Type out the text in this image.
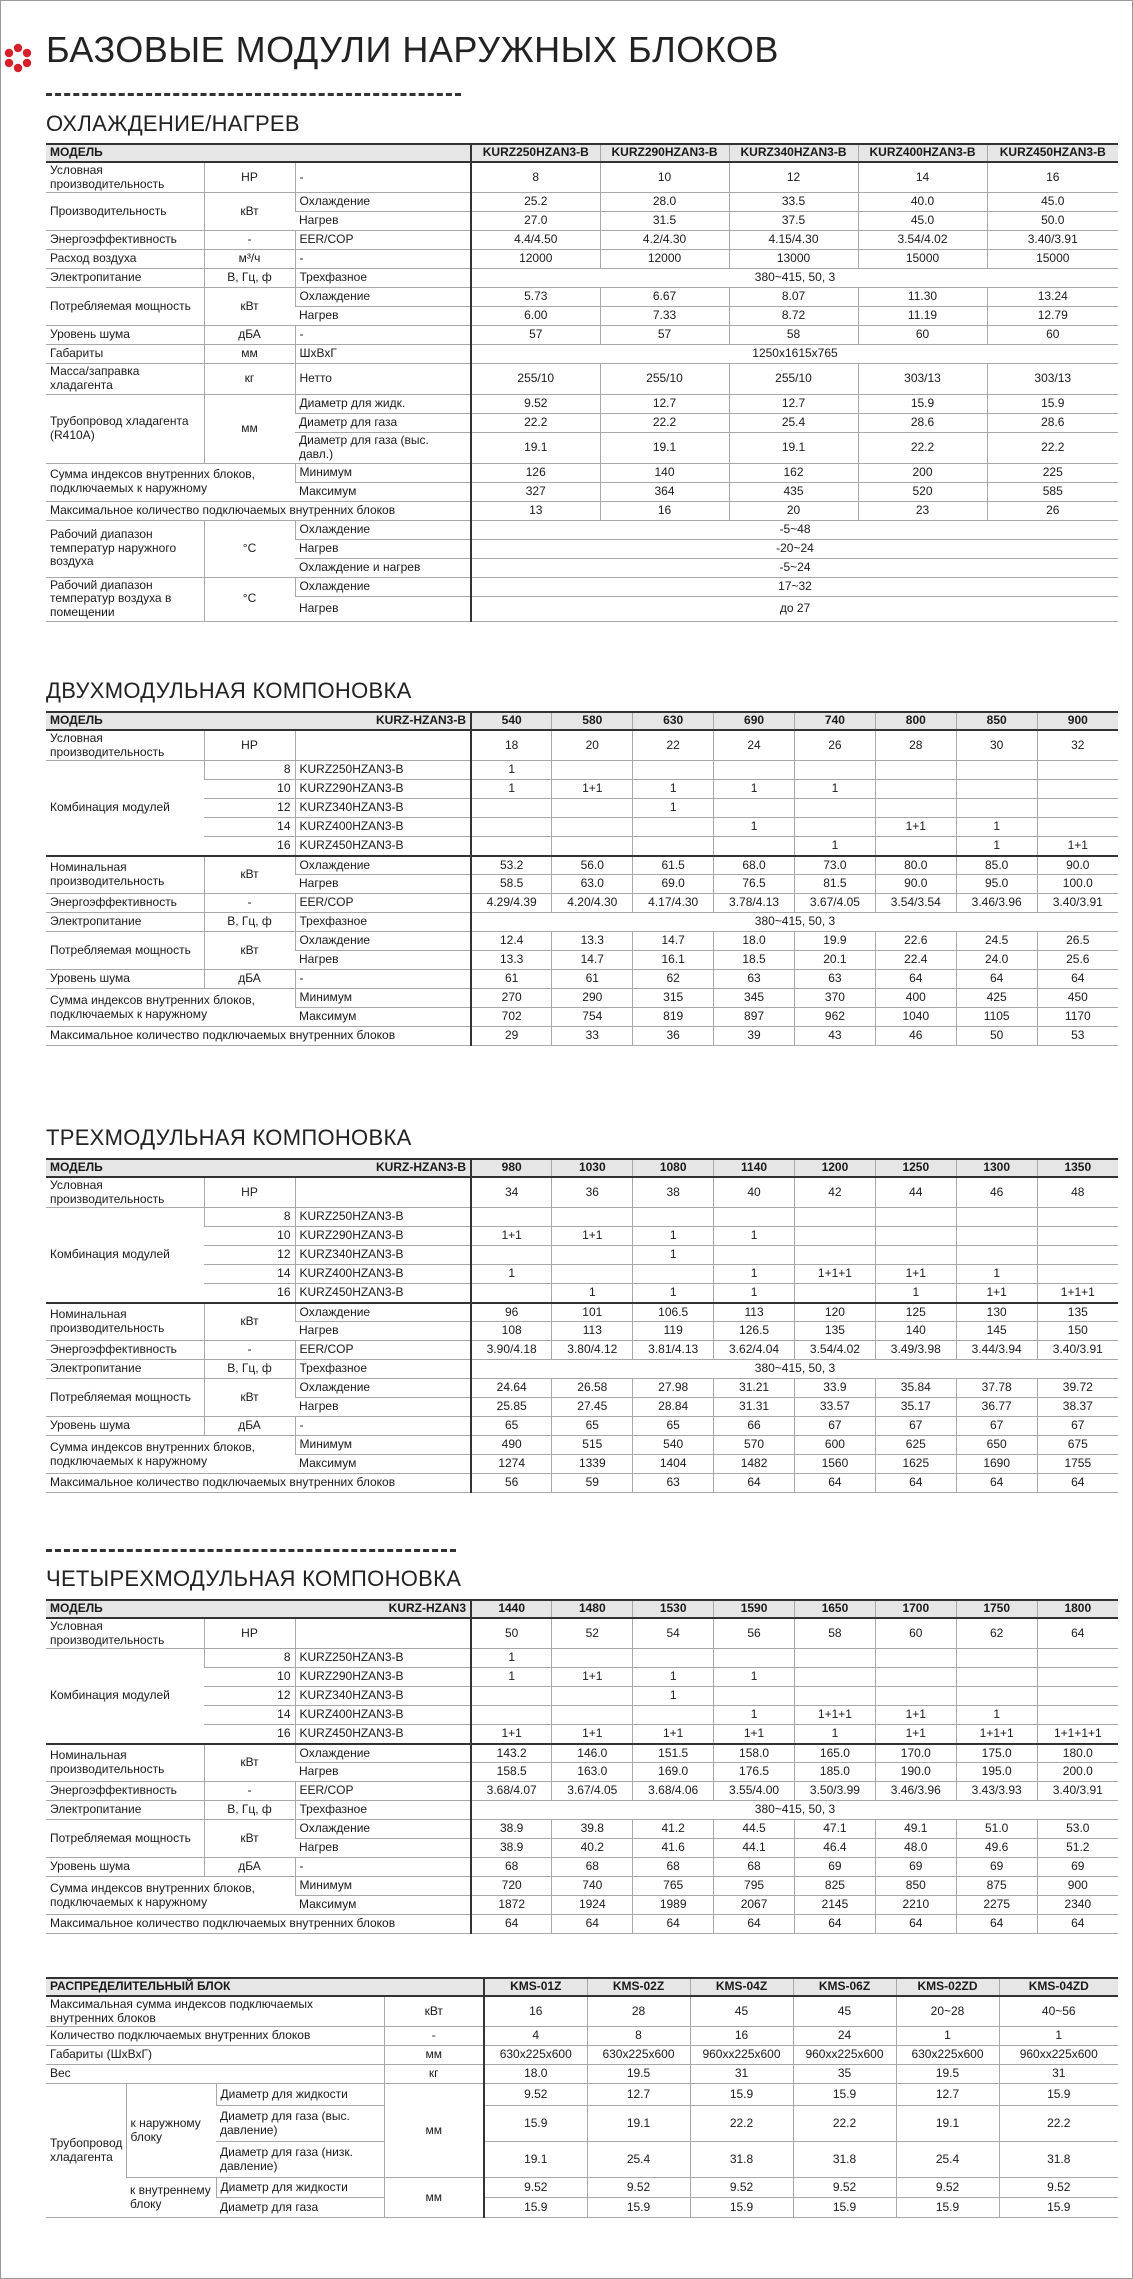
БАЗОВЫЕ МОДУЛИ НАРУЖНЫХ БЛОКОВ
ОХЛАЖДЕНИЕ/НАГРЕВ
МОДЕЛЬ			KURZ250HZAN3-B	KURZ290HZAN3-B	KURZ340HZAN3-B	KURZ400HZAN3-B	KURZ450HZAN3-B
Условная производительность	HP	-	8	10	12	14	16
Производительность	кВт	Охлаждение	25.2	28.0	33.5	40.0	45.0
		Нагрев	27.0	31.5	37.5	45.0	50.0
Энергоэффективность	-	EER/COP	4.4/4.50	4.2/4.30	4.15/4.30	3.54/4.02	3.40/3.91
Расход воздуха	м³/ч	-	12000	12000	13000	15000	15000
Электропитание	В, Гц, ф	Трехфазное	380~415, 50, 3				
Потребляемая мощность	кВт	Охлаждение	5.73	6.67	8.07	11.30	13.24
		Нагрев	6.00	7.33	8.72	11.19	12.79
Уровень шума	дБА	-	57	57	58	60	60
Габариты	мм	ШхВхГ	1250x1615x765				
Масса/заправка хладагента	кг	Нетто	255/10	255/10	255/10	303/13	303/13
Трубопровод хладагента (R410A)	мм	Диаметр для жидк.	9.52	12.7	12.7	15.9	15.9
		Диаметр для газа	22.2	22.2	25.4	28.6	28.6
		Диаметр для газа (выс. давл.)	19.1	19.1	19.1	22.2	22.2
Сумма индексов внутренних блоков, подключаемых к наружному		Минимум	126	140	162	200	225
		Максимум	327	364	435	520	585
Максимальное количество подключаемых внутренних блоков			13	16	20	23	26
Рабочий диапазон температур наружного воздуха	°C	Охлаждение	-5~48				
		Нагрев	-20~24				
		Охлаждение и нагрев	-5~24				
Рабочий диапазон температур воздуха в помещении	°C	Охлаждение	17~32				
		Нагрев	до 27				
ДВУХМОДУЛЬНАЯ КОМПОНОВКА
МОДЕЛЬ		KURZ-HZAN3-B	540	580	630	690	740	800	850	900
Условная производительность	HP		18	20	22	24	26	28	30	32
Комбинация модулей	8	KURZ250HZAN3-B	1							
	10	KURZ290HZAN3-B	1	1+1	1	1	1			
	12	KURZ340HZAN3-B			1					
	14	KURZ400HZAN3-B				1		1+1	1	
	16	KURZ450HZAN3-B					1		1	1+1
Номинальная производительность	кВт	Охлаждение	53.2	56.0	61.5	68.0	73.0	80.0	85.0	90.0
		Нагрев	58.5	63.0	69.0	76.5	81.5	90.0	95.0	100.0
Энергоэффективность	-	EER/COP	4.29/4.39	4.20/4.30	4.17/4.30	3.78/4.13	3.67/4.05	3.54/3.54	3.46/3.96	3.40/3.91
Электропитание	В, Гц, ф	Трехфазное	380~415, 50, 3							
Потребляемая мощность	кВт	Охлаждение	12.4	13.3	14.7	18.0	19.9	22.6	24.5	26.5
		Нагрев	13.3	14.7	16.1	18.5	20.1	22.4	24.0	25.6
Уровень шума	дБА	-	61	61	62	63	63	64	64	64
Сумма индексов внутренних блоков, подключаемых к наружному		Минимум	270	290	315	345	370	400	425	450
		Максимум	702	754	819	897	962	1040	1105	1170
Максимальное количество подключаемых внутренних блоков			29	33	36	39	43	46	50	53
ТРЕХМОДУЛЬНАЯ КОМПОНОВКА
МОДЕЛЬ		KURZ-HZAN3-B	980	1030	1080	1140	1200	1250	1300	1350
Условная производительность	HP		34	36	38	40	42	44	46	48
Комбинация модулей	8	KURZ250HZAN3-B								
	10	KURZ290HZAN3-B	1+1	1+1	1	1				
	12	KURZ340HZAN3-B			1					
	14	KURZ400HZAN3-B	1			1	1+1+1	1+1	1	
	16	KURZ450HZAN3-B		1	1	1		1	1+1	1+1+1
Номинальная производительность	кВт	Охлаждение	96	101	106.5	113	120	125	130	135
		Нагрев	108	113	119	126.5	135	140	145	150
Энергоэффективность	-	EER/COP	3.90/4.18	3.80/4.12	3.81/4.13	3.62/4.04	3.54/4.02	3.49/3.98	3.44/3.94	3.40/3.91
Электропитание	В, Гц, ф	Трехфазное	380~415, 50, 3							
Потребляемая мощность	кВт	Охлаждение	24.64	26.58	27.98	31.21	33.9	35.84	37.78	39.72
		Нагрев	25.85	27.45	28.84	31.31	33.57	35.17	36.77	38.37
Уровень шума	дБА	-	65	65	65	66	67	67	67	67
Сумма индексов внутренних блоков, подключаемых к наружному		Минимум	490	515	540	570	600	625	650	675
		Максимум	1274	1339	1404	1482	1560	1625	1690	1755
Максимальное количество подключаемых внутренних блоков			56	59	63	64	64	64	64	64
ЧЕТЫРЕХМОДУЛЬНАЯ КОМПОНОВКА
МОДЕЛЬ		KURZ-HZAN3	1440	1480	1530	1590	1650	1700	1750	1800
Условная производительность	HP		50	52	54	56	58	60	62	64
Комбинация модулей	8	KURZ250HZAN3-B	1							
	10	KURZ290HZAN3-B	1	1+1	1	1				
	12	KURZ340HZAN3-B			1					
	14	KURZ400HZAN3-B				1	1+1+1	1+1	1	
	16	KURZ450HZAN3-B	1+1	1+1	1+1	1+1	1	1+1	1+1+1	1+1+1+1
Номинальная производительность	кВт	Охлаждение	143.2	146.0	151.5	158.0	165.0	170.0	175.0	180.0
		Нагрев	158.5	163.0	169.0	176.5	185.0	190.0	195.0	200.0
Энергоэффективность	-	EER/COP	3.68/4.07	3.67/4.05	3.68/4.06	3.55/4.00	3.50/3.99	3.46/3.96	3.43/3.93	3.40/3.91
Электропитание	В, Гц, ф	Трехфазное	380~415, 50, 3							
Потребляемая мощность	кВт	Охлаждение	38.9	39.8	41.2	44.5	47.1	49.1	51.0	53.0
		Нагрев	38.9	40.2	41.6	44.1	46.4	48.0	49.6	51.2
Уровень шума	дБА	-	68	68	68	68	69	69	69	69
Сумма индексов внутренних блоков, подключаемых к наружному		Минимум	720	740	765	795	825	850	875	900
		Максимум	1872	1924	1989	2067	2145	2210	2275	2340
Максимальное количество подключаемых внутренних блоков			64	64	64	64	64	64	64	64
РАСПРЕДЕЛИТЕЛЬНЫЙ БЛОК				KMS-01Z	KMS-02Z	KMS-04Z	KMS-06Z	KMS-02ZD	KMS-04ZD
Максимальная сумма индексов подключаемых внутренних блоков			кВт	16	28	45	45	20~28	40~56
Количество подключаемых внутренних блоков			-	4	8	16	24	1	1
Габариты (ШхВхГ)			мм	630x225x600	630x225x600	960xx225x600	960xx225x600	630x225x600	960xx225x600
Вес			кг	18.0	19.5	31	35	19.5	31
Трубопровод хладагента	к наружному блоку	Диаметр для жидкости	мм	9.52	12.7	15.9	15.9	12.7	15.9
		Диаметр для газа (выс. давление)		15.9	19.1	22.2	22.2	19.1	22.2
		Диаметр для газа (низк. давление)		19.1	25.4	31.8	31.8	25.4	31.8
	к внутреннему блоку	Диаметр для жидкости	мм	9.52	9.52	9.52	9.52	9.52	9.52
		Диаметр для газа		15.9	15.9	15.9	15.9	15.9	15.9
